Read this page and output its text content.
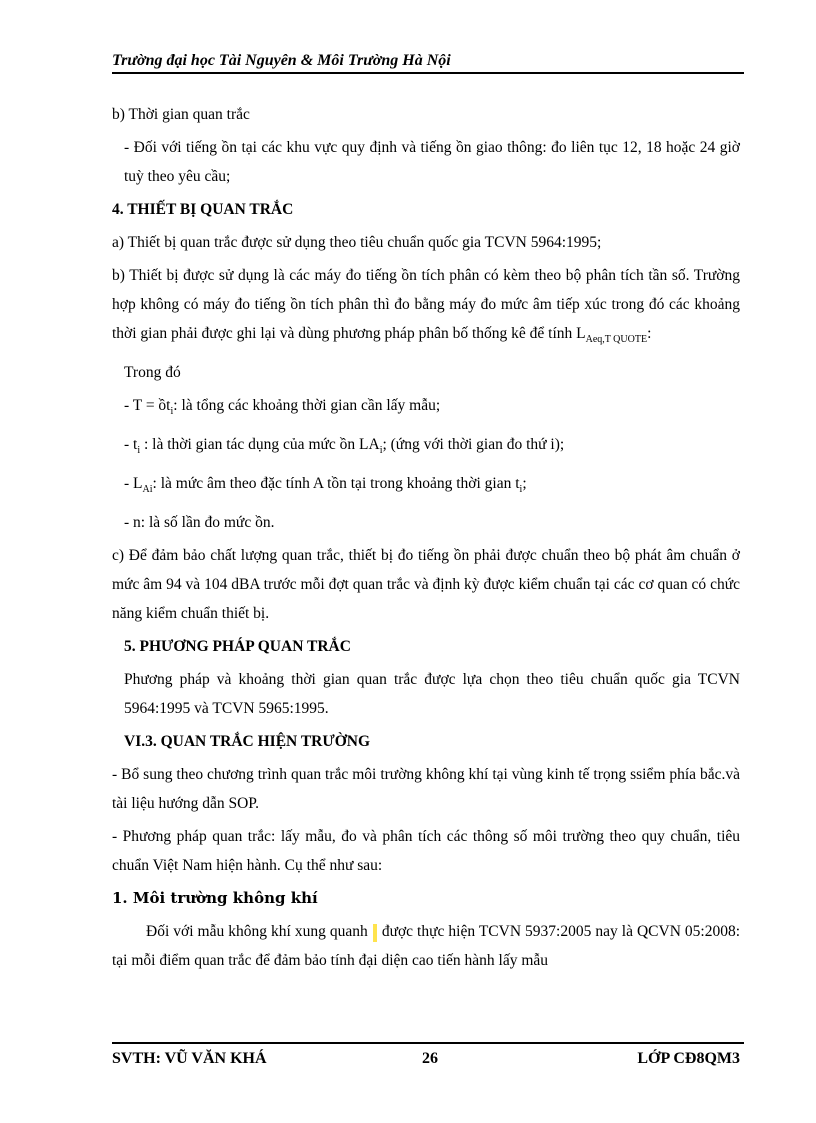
Trường đại học Tài Nguyên & Môi Trường Hà Nội

b) Thời gian quan trắc

- Đối với tiếng ồn tại các khu vực quy định và tiếng ồn giao thông: đo liên tục 12, 18 hoặc 24 giờ tuỳ theo yêu cầu;

4. THIẾT BỊ QUAN TRẮC

a) Thiết bị quan trắc được sử dụng theo tiêu chuẩn quốc gia TCVN 5964:1995;

b) Thiết bị được sử dụng là các máy đo tiếng ồn tích phân có kèm theo bộ phân tích tần số. Trường hợp không có máy đo tiếng ồn tích phân thì đo bằng máy đo mức âm tiếp xúc trong đó các khoảng thời gian phải được ghi lại và dùng phương pháp phân bố thống kê để tính $L_{Aeq,T QUOTE}$:

Trong đó

- T = ồt$_i$: là tổng các khoảng thời gian cần lấy mẫu;

- $t_i$ : là thời gian tác dụng của mức ồn $LA_i$; (ứng với thời gian đo thứ i);

- $L_{Ai}$: là mức âm theo đặc tính A tồn tại trong khoảng thời gian $t_i$;

- n: là số lần đo mức ồn.

c) Để đảm bảo chất lượng quan trắc, thiết bị đo tiếng ồn phải được chuẩn theo bộ phát âm chuẩn ở mức âm 94 và 104 dBA trước mỗi đợt quan trắc và định kỳ được kiểm chuẩn tại các cơ quan có chức năng kiểm chuẩn thiết bị.

5. PHƯƠNG PHÁP QUAN TRẮC

Phương pháp và khoảng thời gian quan trắc được lựa chọn theo tiêu chuẩn quốc gia TCVN 5964:1995 và TCVN 5965:1995.

VI.3. QUAN TRẮC HIỆN TRƯỜNG

- Bổ sung theo chương trình quan trắc môi trường không khí tại vùng kinh tế trọng ssiểm phía bắc.và tài liệu hướng dẫn SOP.

- Phương pháp quan trắc: lấy mẫu, đo và phân tích các thông số môi trường theo quy chuẩn, tiêu chuẩn Việt Nam hiện hành. Cụ thể như sau:

1. Môi trường không khí

Đối với mẫu không khí xung quanh được thực hiện TCVN 5937:2005 nay là QCVN 05:2008: tại mỗi điểm quan trắc để đảm bảo tính đại diện cao tiến hành lấy mẫu

SVTH: VŨ VĂN KHÁ	26	LỚP CĐ8QM3
